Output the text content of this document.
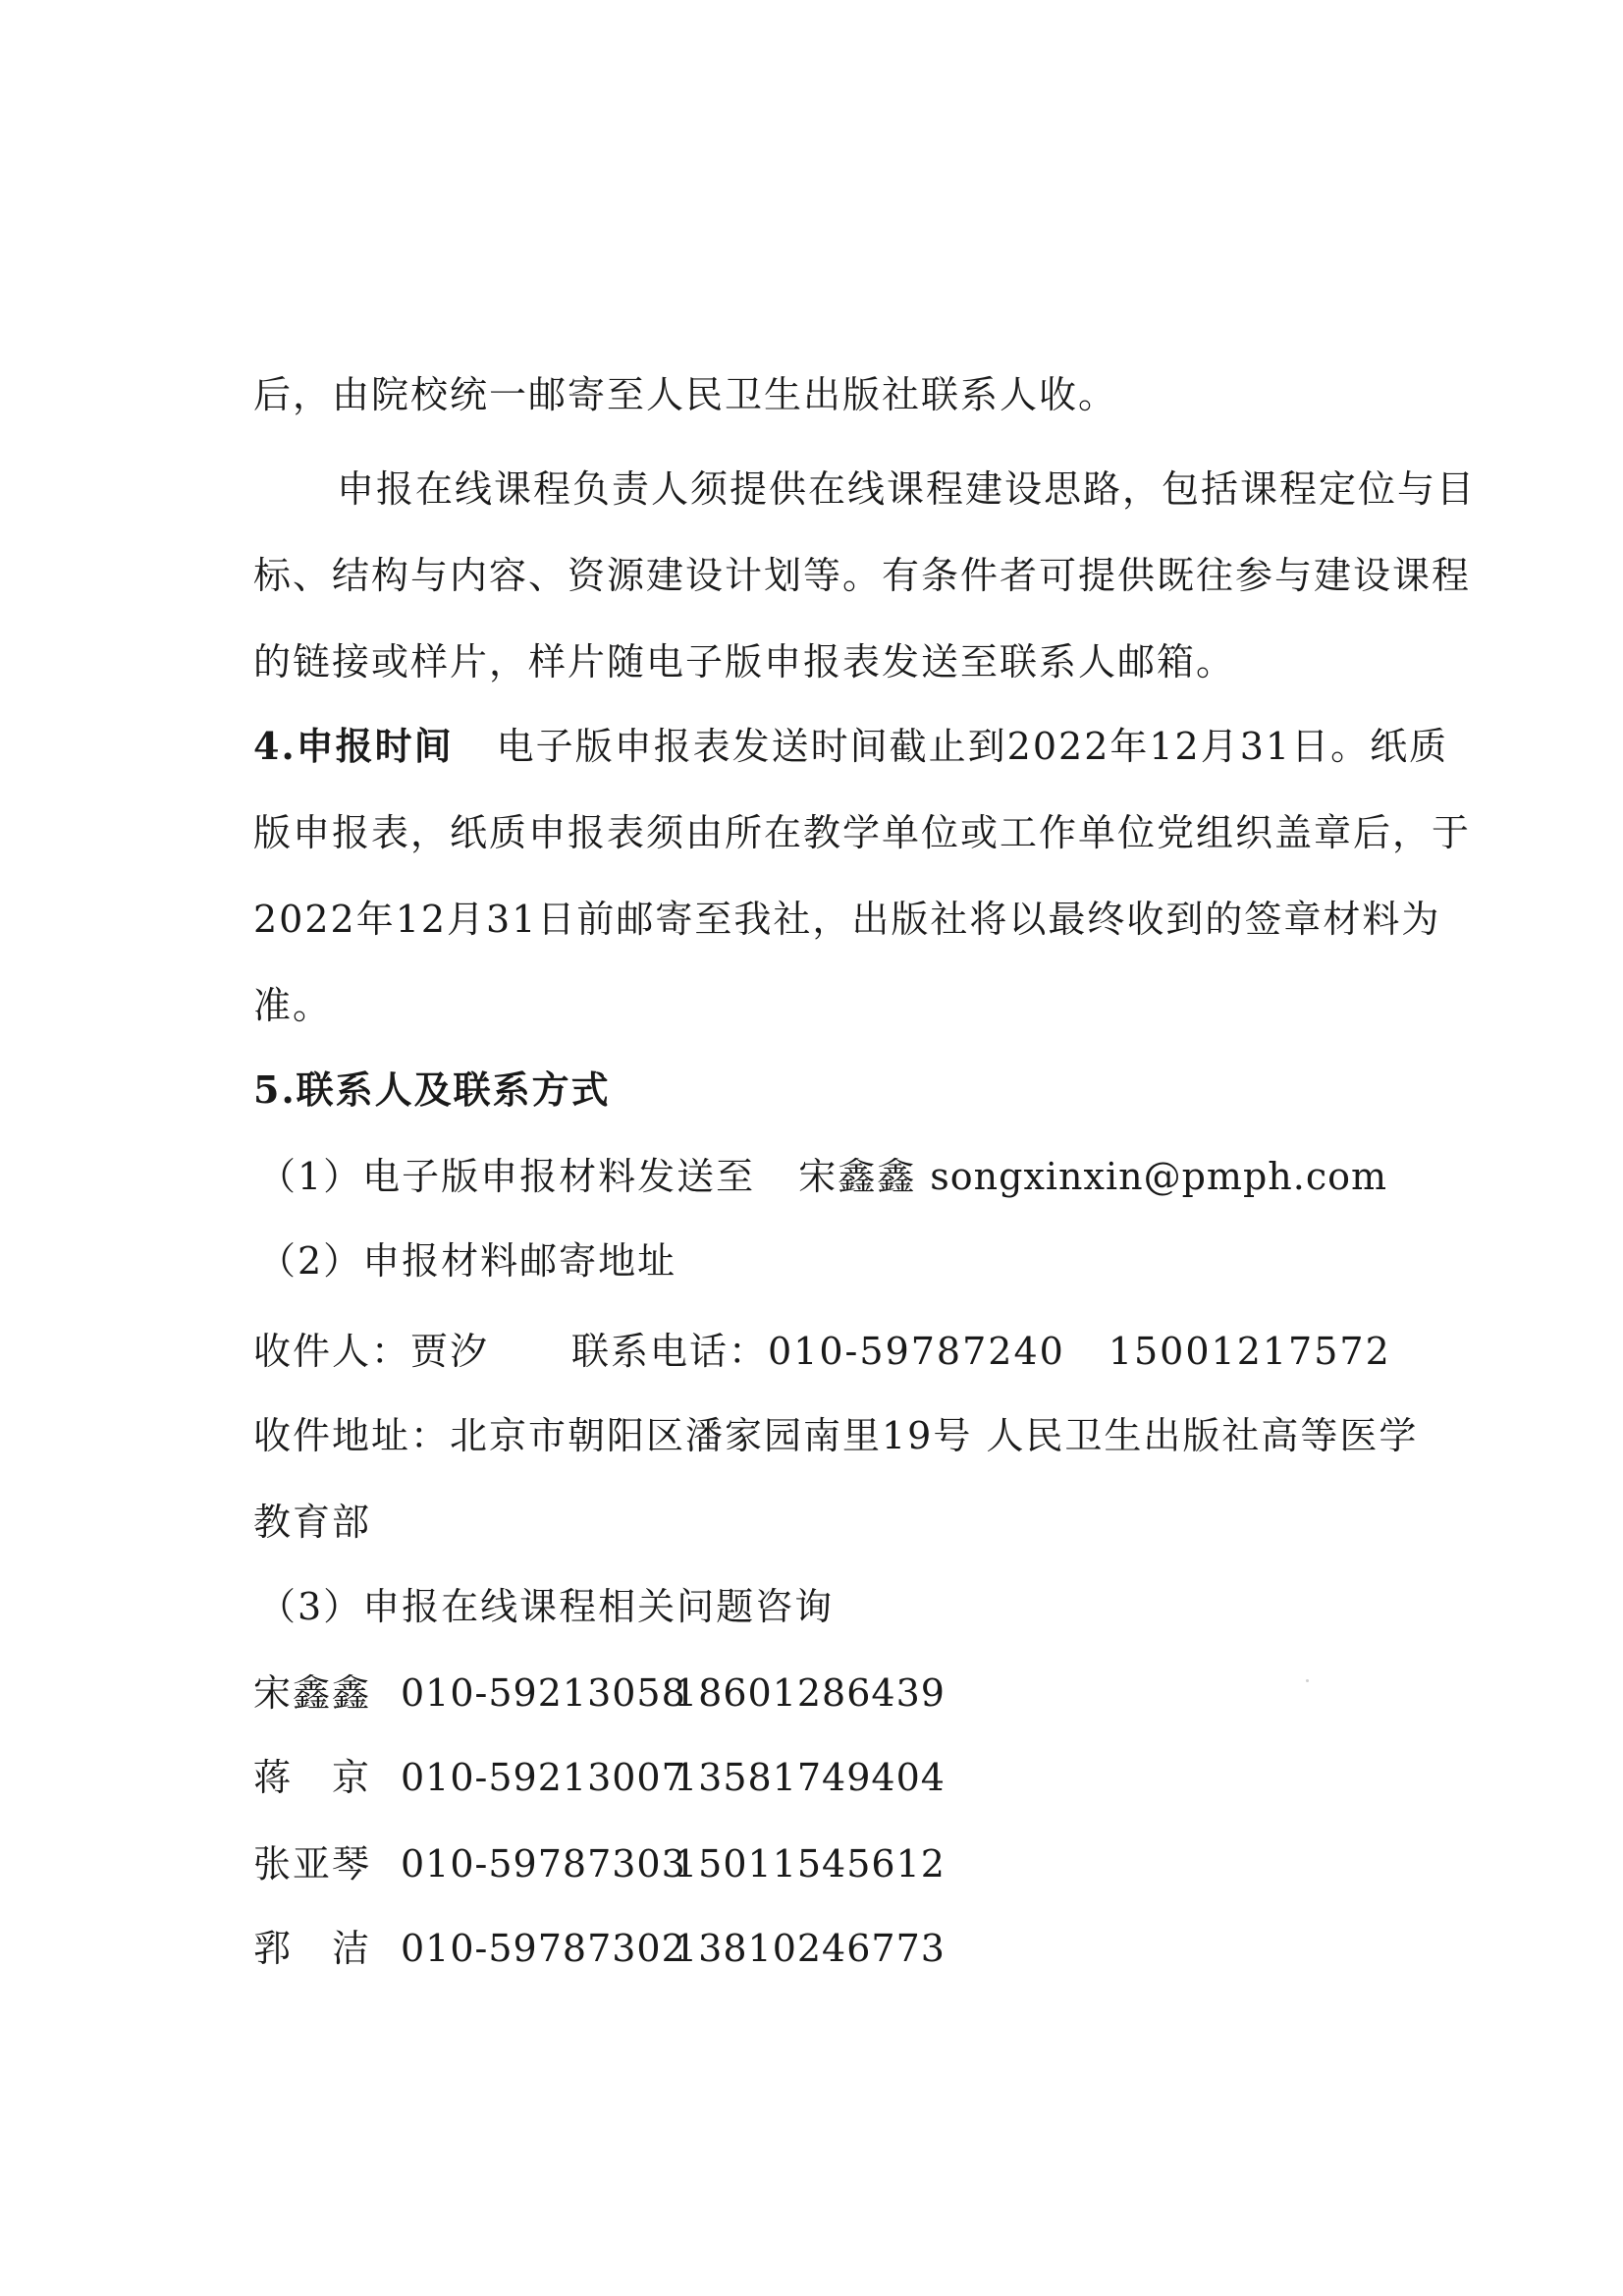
后，由院校统一邮寄至人民卫生出版社联系人收。
申报在线课程负责人须提供在线课程建设思路，包括课程定位与目
标、结构与内容、资源建设计划等。有条件者可提供既往参与建设课程
的链接或样片，样片随电子版申报表发送至联系人邮箱。
4.申报时间 电子版申报表发送时间截止到2022年12月31日。纸质
版申报表，纸质申报表须由所在教学单位或工作单位党组织盖章后，于
2022年12月31日前邮寄至我社，出版社将以最终收到的签章材料为
准。
5.联系人及联系方式
（1）电子版申报材料发送至 宋鑫鑫 songxinxin@pmph.com
（2）申报材料邮寄地址
收件人：贾汐 联系电话：010-59787240 15001217572
收件地址：北京市朝阳区潘家园南里19号 人民卫生出版社高等医学
教育部
（3）申报在线课程相关问题咨询
宋鑫鑫 010-5921305818601286439
蒋　京 010-5921300713581749404
张亚琴 010-5978730315011545612
郛　洁 010-5978730213810246773
